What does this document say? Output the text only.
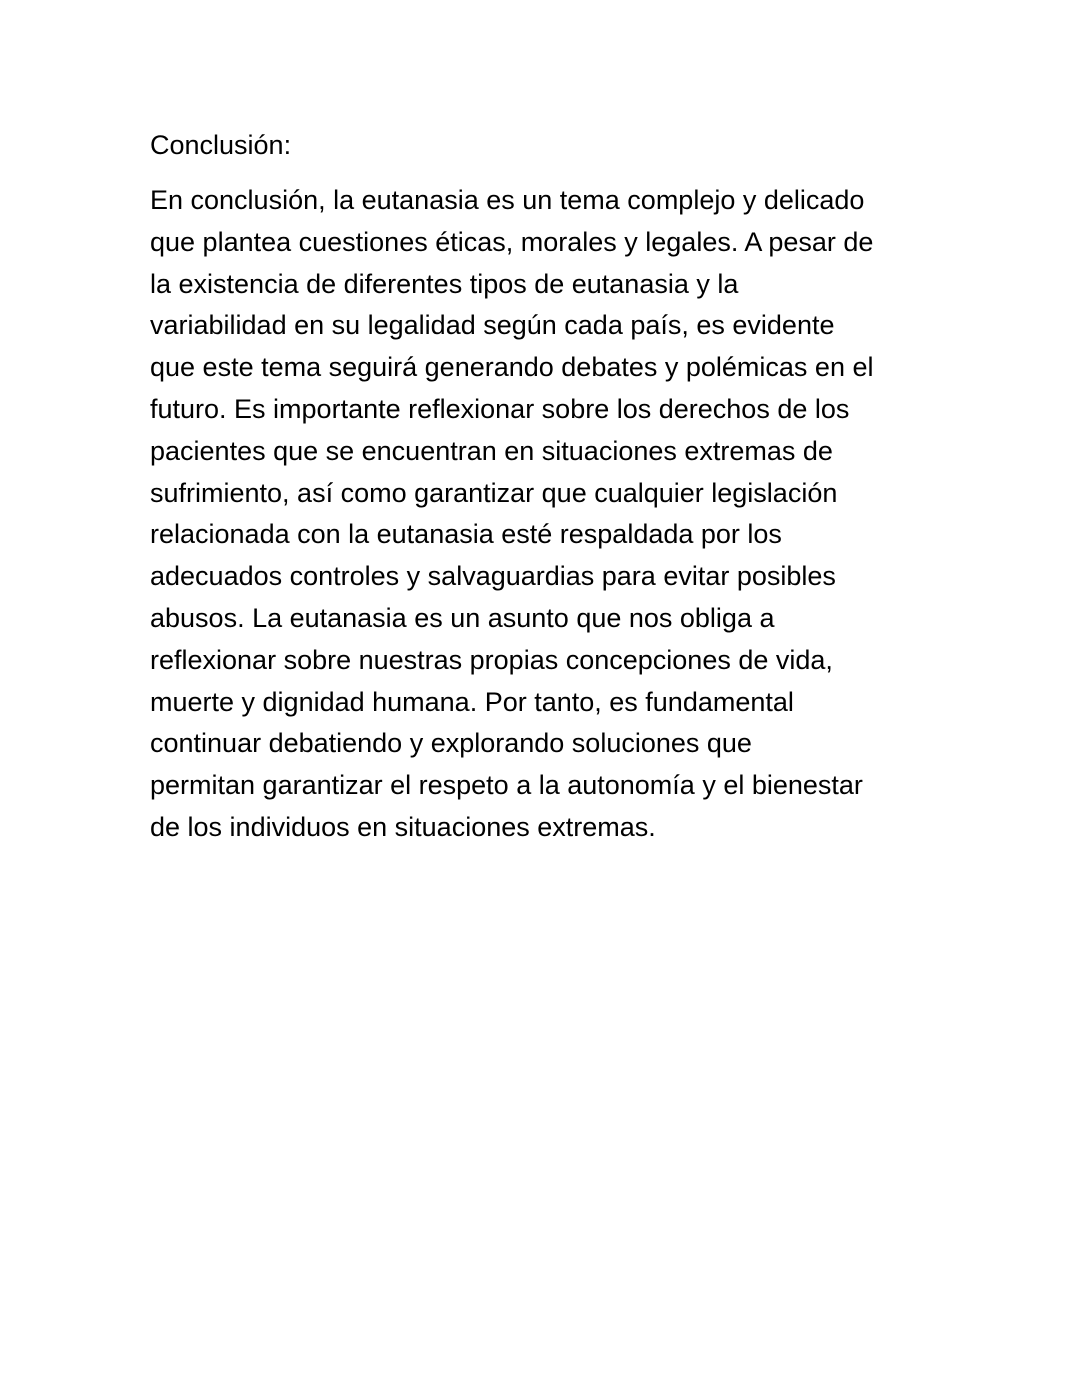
Conclusión:

En conclusión, la eutanasia es un tema complejo y delicado
que plantea cuestiones éticas, morales y legales. A pesar de
la existencia de diferentes tipos de eutanasia y la
variabilidad en su legalidad según cada país, es evidente
que este tema seguirá generando debates y polémicas en el
futuro. Es importante reflexionar sobre los derechos de los
pacientes que se encuentran en situaciones extremas de
sufrimiento, así como garantizar que cualquier legislación
relacionada con la eutanasia esté respaldada por los
adecuados controles y salvaguardias para evitar posibles
abusos. La eutanasia es un asunto que nos obliga a
reflexionar sobre nuestras propias concepciones de vida,
muerte y dignidad humana. Por tanto, es fundamental
continuar debatiendo y explorando soluciones que
permitan garantizar el respeto a la autonomía y el bienestar
de los individuos en situaciones extremas.
